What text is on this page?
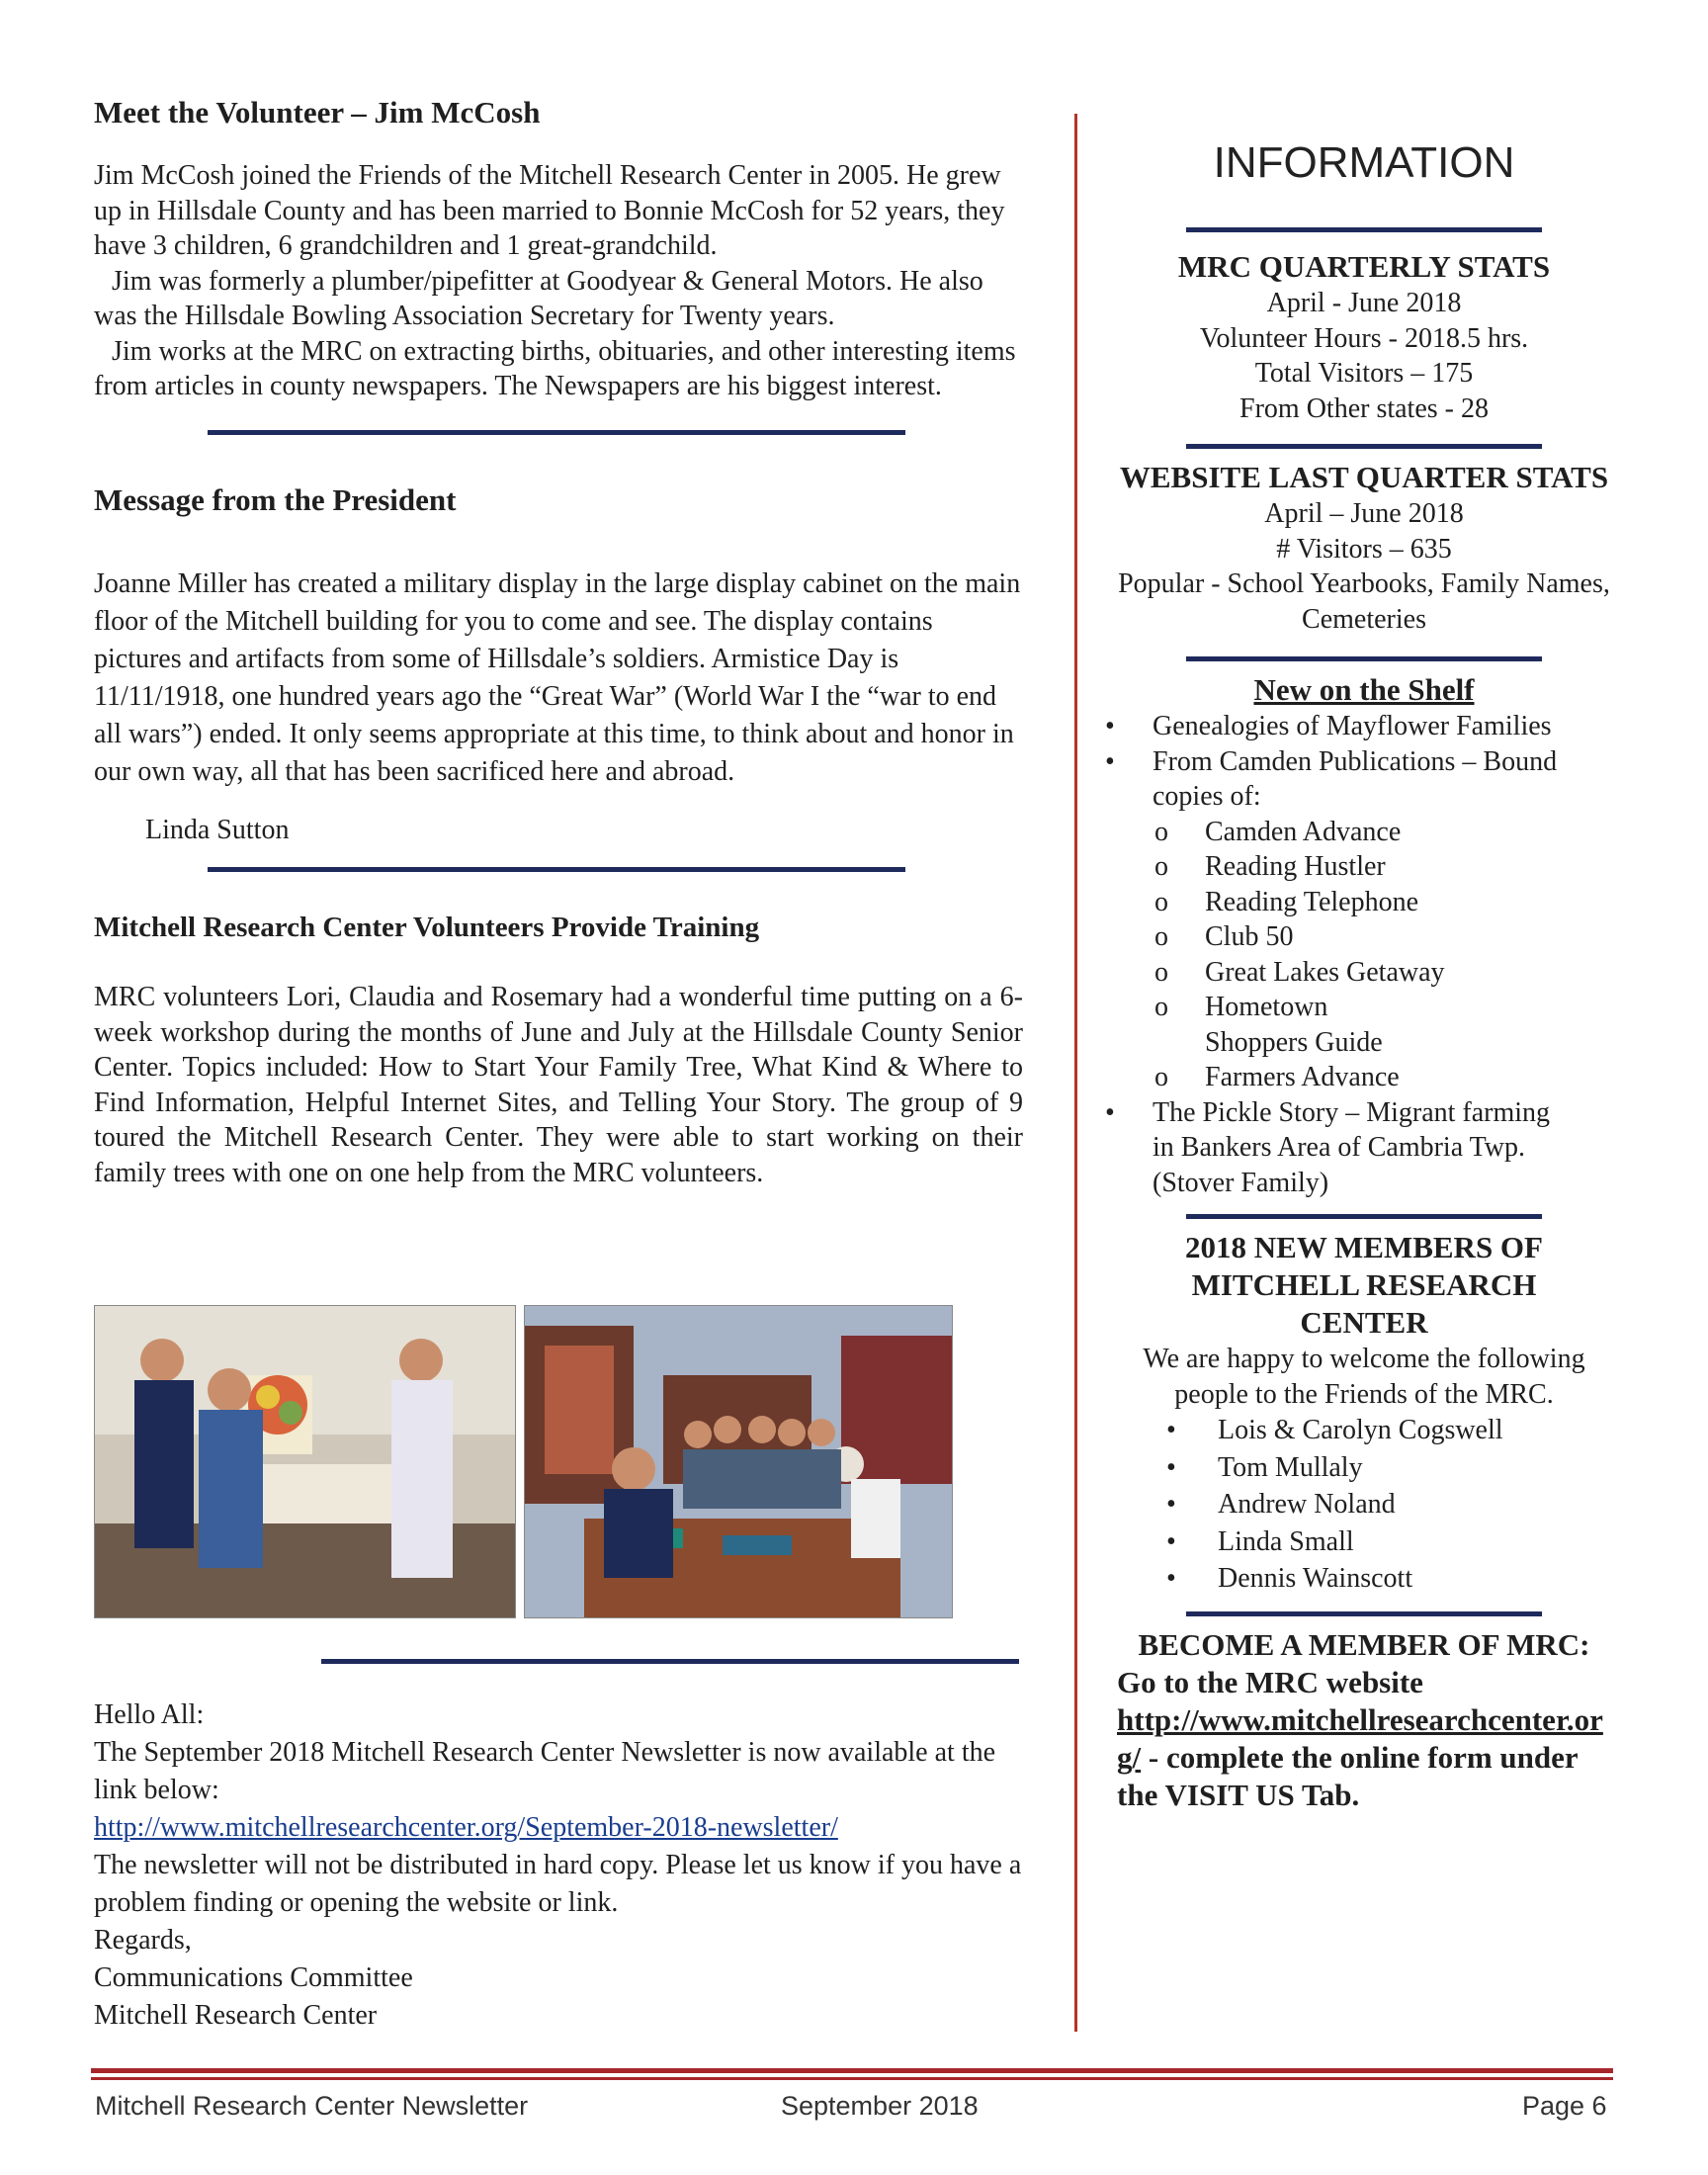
Meet the Volunteer – Jim McCosh

Jim McCosh joined the Friends of the Mitchell Research Center in 2005. He grew up in Hillsdale County and has been married to Bonnie McCosh for 52 years, they have 3 children, 6 grandchildren and 1 great-grandchild.

Jim was formerly a plumber/pipefitter at Goodyear & General Motors. He also was the Hillsdale Bowling Association Secretary for Twenty years.

Jim works at the MRC on extracting births, obituaries, and other interesting items from articles in county newspapers. The Newspapers are his biggest interest.

Message from the President

Joanne Miller has created a military display in the large display cabinet on the main floor of the Mitchell building for you to come and see. The display contains pictures and artifacts from some of Hillsdale’s soldiers. Armistice Day is 11/11/1918, one hundred years ago the “Great War” (World War I the “war to end all wars”) ended. It only seems appropriate at this time, to think about and honor in our own way, all that has been sacrificed here and abroad.

Linda Sutton

Mitchell Research Center Volunteers Provide Training

MRC volunteers Lori, Claudia and Rosemary had a wonderful time putting on a 6-week workshop during the months of June and July at the Hillsdale County Senior Center. Topics included: How to Start Your Family Tree, What Kind & Where to Find Information, Helpful Internet Sites, and Telling Your Story. The group of 9 toured the Mitchell Research Center. They were able to start working on their family trees with one on one help from the MRC volunteers.

Hello All:

The September 2018 Mitchell Research Center Newsletter is now available at the link below:

http://www.mitchellresearchcenter.org/September-2018-newsletter/

The newsletter will not be distributed in hard copy. Please let us know if you have a problem finding or opening the website or link.

Regards,

Communications Committee

Mitchell Research Center

INFORMATION

MRC QUARTERLY STATS

April - June 2018

Volunteer Hours - 2018.5 hrs.

Total Visitors – 175

From Other states - 28

WEBSITE LAST QUARTER STATS

April – June 2018

# Visitors – 635

Popular - School Yearbooks, Family Names, Cemeteries

New on the Shelf

• Genealogies of Mayflower Families
• From Camden Publications – Bound copies of:
o Camden Advance
o Reading Hustler
o Reading Telephone
o Club 50
o Great Lakes Getaway
o Hometown Shoppers Guide
o Farmers Advance
• The Pickle Story – Migrant farming in Bankers Area of Cambria Twp. (Stover Family)

2018 NEW MEMBERS OF MITCHELL RESEARCH CENTER

We are happy to welcome the following people to the Friends of the MRC.

• Lois & Carolyn Cogswell
• Tom Mullaly
• Andrew Noland
• Linda Small
• Dennis Wainscott

BECOME A MEMBER OF MRC:

Go to the MRC website
http://www.mitchellresearchcenter.org/ - complete the online form under the VISIT US Tab.

Mitchell Research Center Newsletter	September 2018	Page 6
